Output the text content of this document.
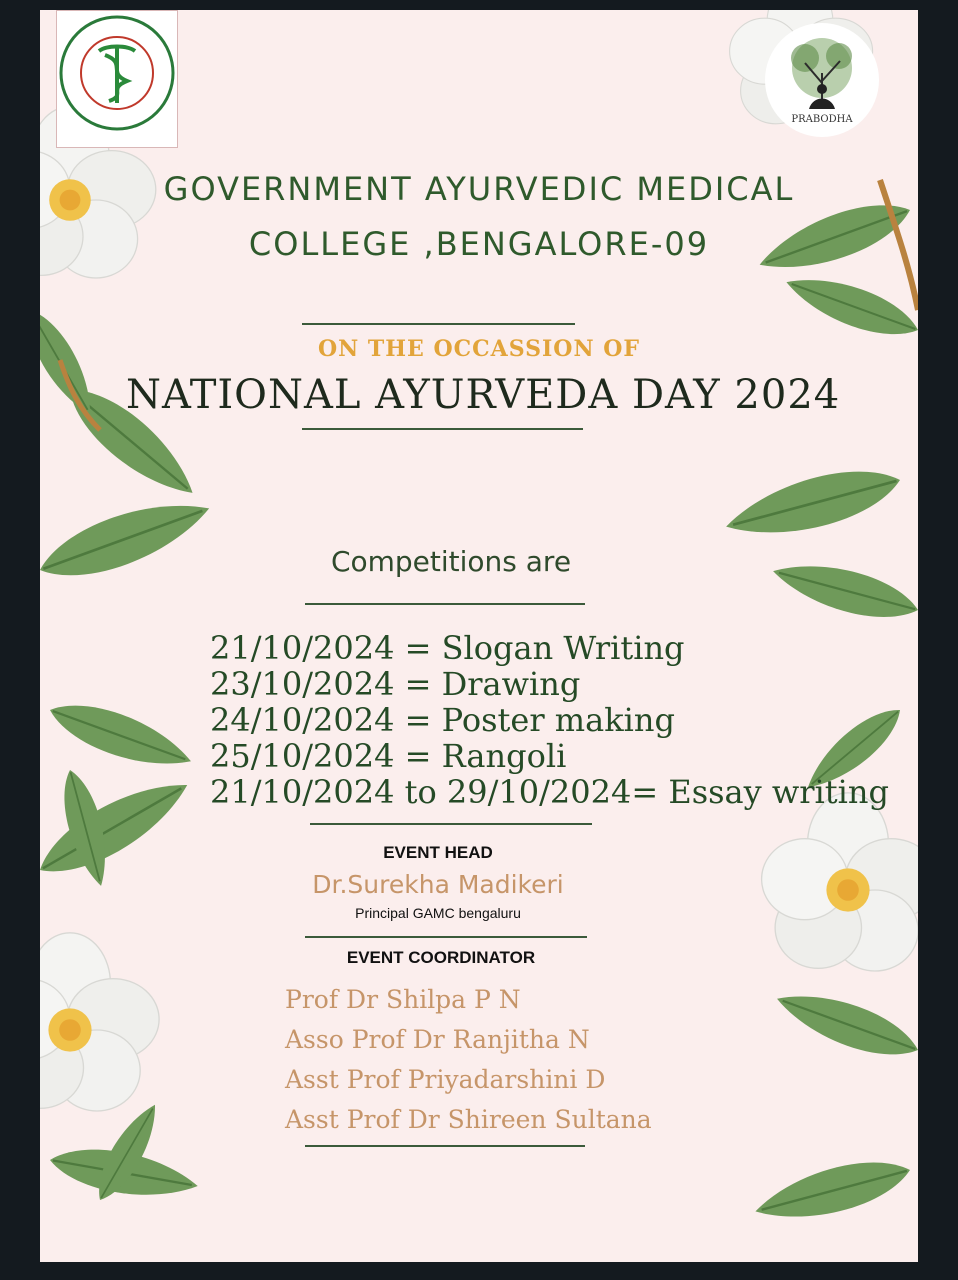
PRABODHA
GOVERNMENT AYURVEDIC MEDICAL
COLLEGE ,BENGALORE-09
ON THE OCCASSION OF
NATIONAL AYURVEDA DAY 2024
Competitions are
21/10/2024 = Slogan Writing
23/10/2024 = Drawing
24/10/2024 = Poster making
25/10/2024 = Rangoli
21/10/2024 to 29/10/2024= Essay writing
EVENT HEAD
Dr.Surekha Madikeri
Principal GAMC bengaluru
EVENT COORDINATOR
Prof Dr Shilpa P N
Asso Prof Dr Ranjitha N
Asst Prof Priyadarshini D
Asst Prof Dr Shireen Sultana
